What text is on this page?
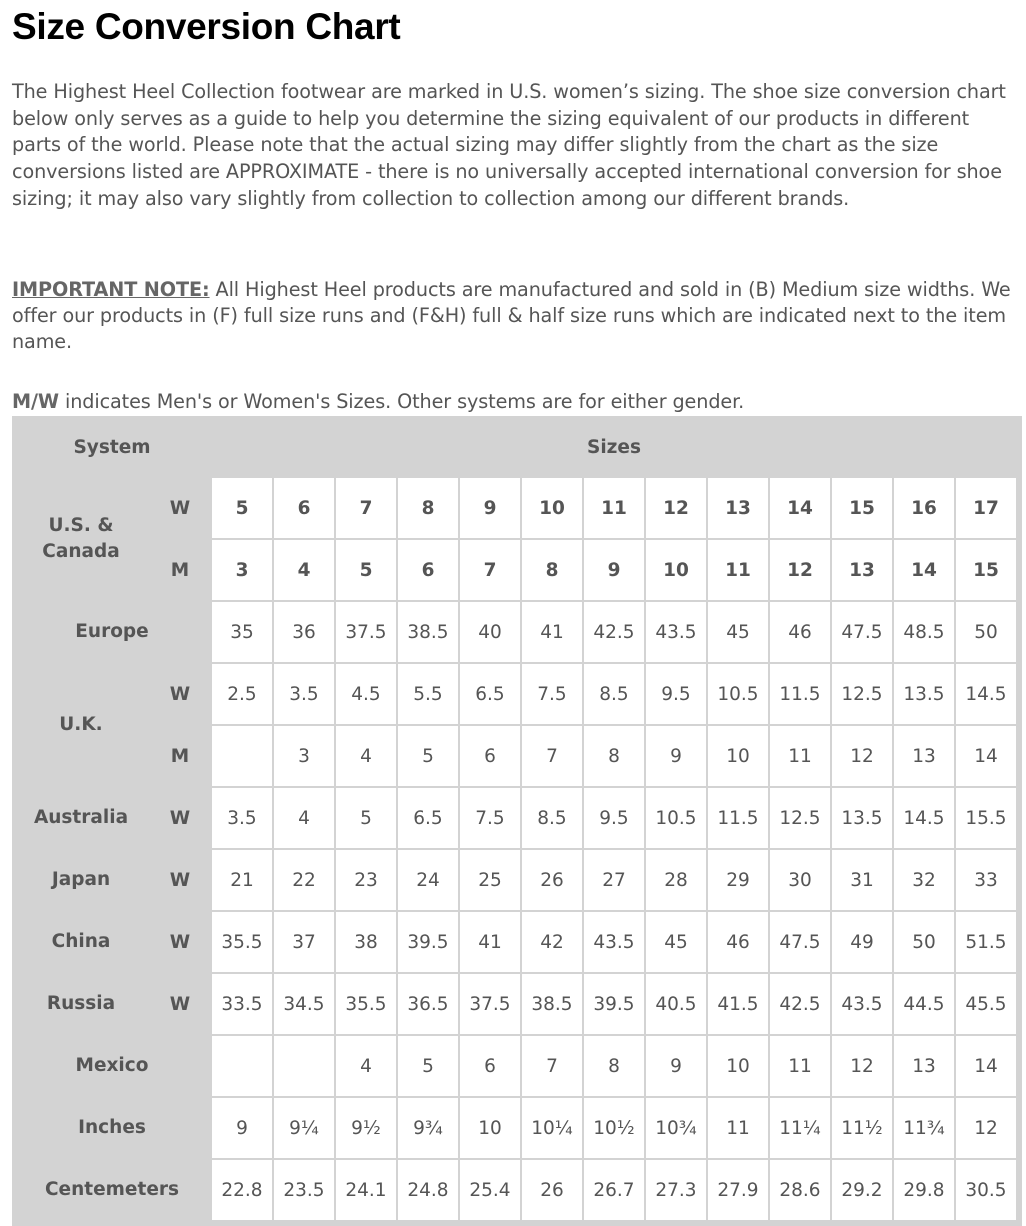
Size Conversion Chart

The Highest Heel Collection footwear are marked in U.S. women’s sizing. The shoe size conversion chart below only serves as a guide to help you determine the sizing equivalent of our products in different parts of the world. Please note that the actual sizing may differ slightly from the chart as the size conversions listed are APPROXIMATE - there is no universally accepted international conversion for shoe sizing; it may also vary slightly from collection to collection among our different brands.

IMPORTANT NOTE: All Highest Heel products are manufactured and sold in (B) Medium size widths. We offer our products in (F) full size runs and (F&H) full & half size runs which are indicated next to the item name.

M/W indicates Men's or Women's Sizes. Other systems are for either gender.

System		Sizes												
U.S. & Canada	W	5	6	7	8	9	10	11	12	13	14	15	16	17
	M	3	4	5	6	7	8	9	10	11	12	13	14	15
Europe		35	36	37.5	38.5	40	41	42.5	43.5	45	46	47.5	48.5	50
U.K.	W	2.5	3.5	4.5	5.5	6.5	7.5	8.5	9.5	10.5	11.5	12.5	13.5	14.5
	M		3	4	5	6	7	8	9	10	11	12	13	14
Australia	W	3.5	4	5	6.5	7.5	8.5	9.5	10.5	11.5	12.5	13.5	14.5	15.5
Japan	W	21	22	23	24	25	26	27	28	29	30	31	32	33
China	W	35.5	37	38	39.5	41	42	43.5	45	46	47.5	49	50	51.5
Russia	W	33.5	34.5	35.5	36.5	37.5	38.5	39.5	40.5	41.5	42.5	43.5	44.5	45.5
Mexico				4	5	6	7	8	9	10	11	12	13	14
Inches		9	9¼	9½	9¾	10	10¼	10½	10¾	11	11¼	11½	11¾	12
Centemeters		22.8	23.5	24.1	24.8	25.4	26	26.7	27.3	27.9	28.6	29.2	29.8	30.5
